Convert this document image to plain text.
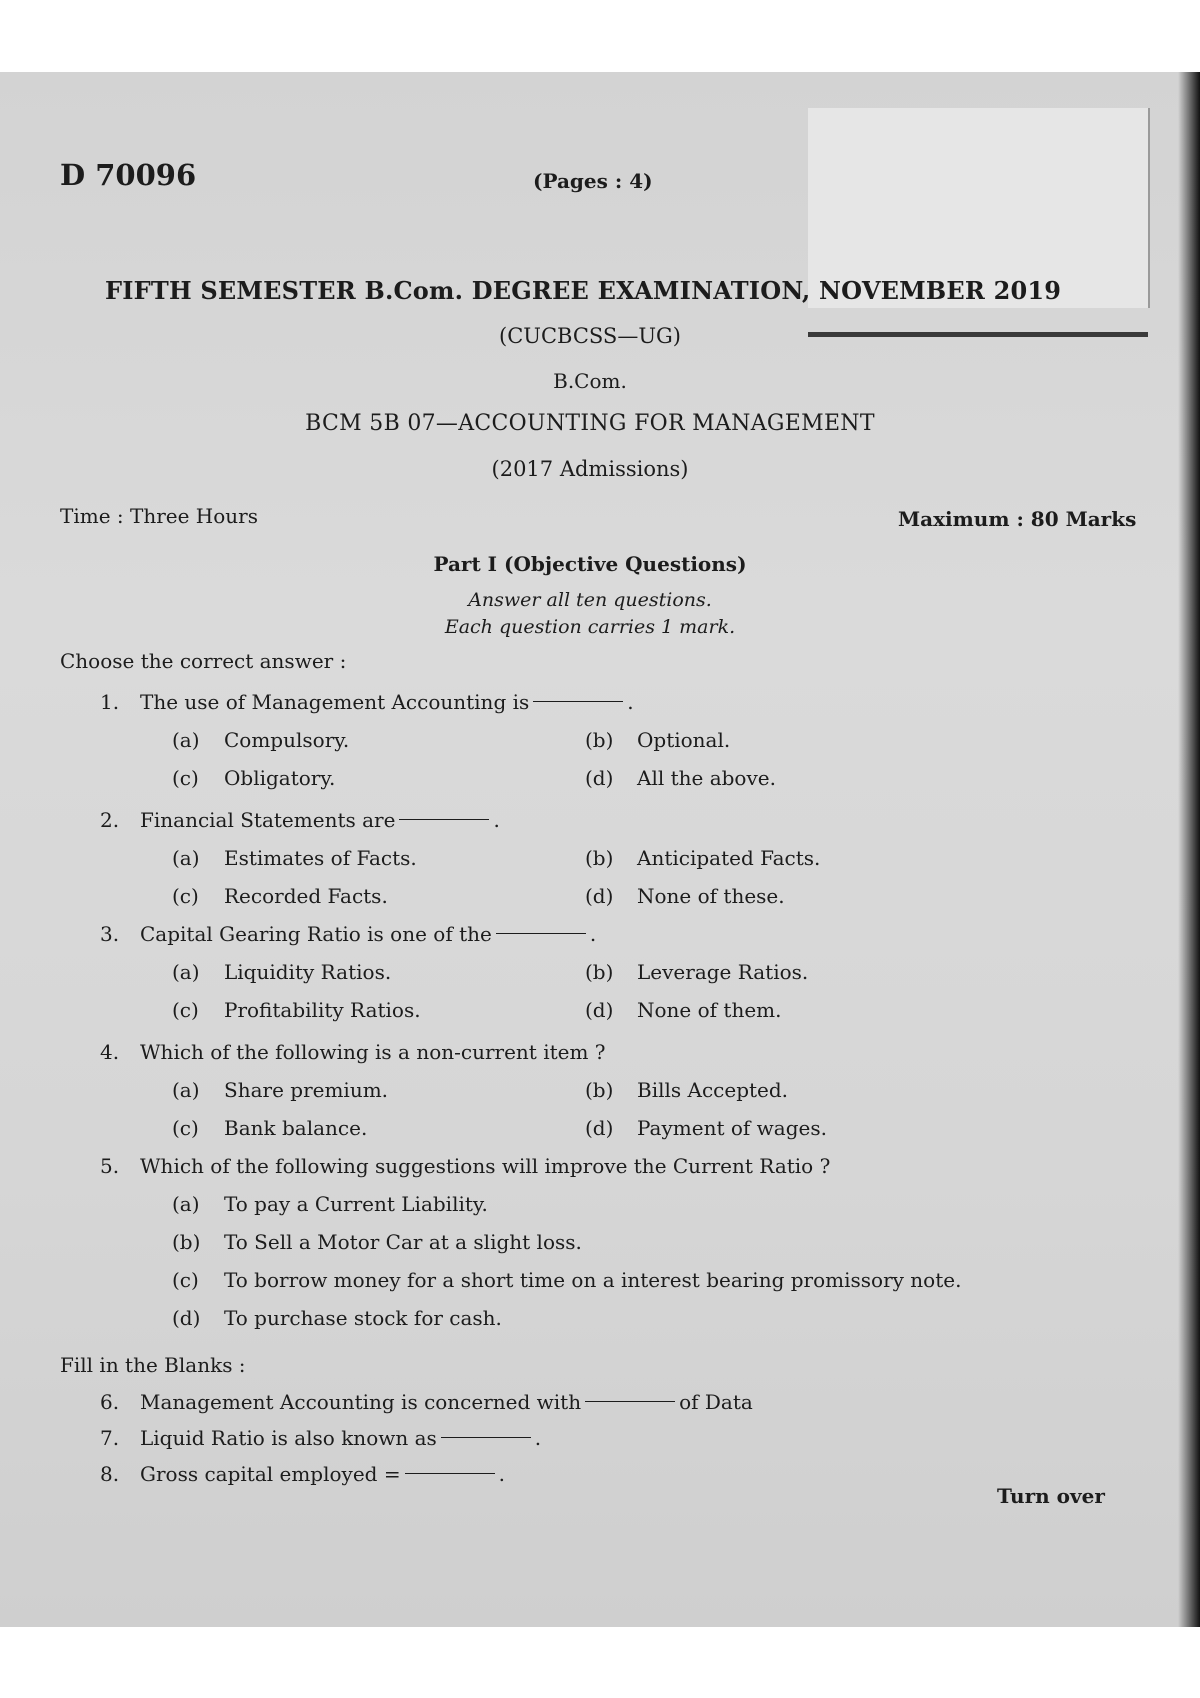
D 70096	(Pages : 4)
FIFTH SEMESTER B.Com. DEGREE EXAMINATION, NOVEMBER 2019
(CUCBCSS—UG)
B.Com.
BCM 5B 07—ACCOUNTING FOR MANAGEMENT
(2017 Admissions)
Time : Three Hours	Maximum : 80 Marks
Part I (Objective Questions)
Answer all ten questions.
Each question carries 1 mark.
Choose the correct answer :
1. The use of Management Accounting is	.
(a) Compulsory.	(b) Optional.
(c) Obligatory.	(d) All the above.
2. Financial Statements are	.
(a) Estimates of Facts.	(b) Anticipated Facts.
(c) Recorded Facts.	(d) None of these.
3. Capital Gearing Ratio is one of the	.
(a) Liquidity Ratios.	(b) Leverage Ratios.
(c) Profitability Ratios.	(d) None of them.
4. Which of the following is a non-current item ?
(a) Share premium.	(b) Bills Accepted.
(c) Bank balance.	(d) Payment of wages.
5. Which of the following suggestions will improve the Current Ratio ?
(a) To pay a Current Liability.
(b) To Sell a Motor Car at a slight loss.
(c) To borrow money for a short time on a interest bearing promissory note.
(d) To purchase stock for cash.
Fill in the Blanks :
6. Management Accounting is concerned with	of Data
7. Liquid Ratio is also known as	.
8. Gross capital employed =	.
Turn over
